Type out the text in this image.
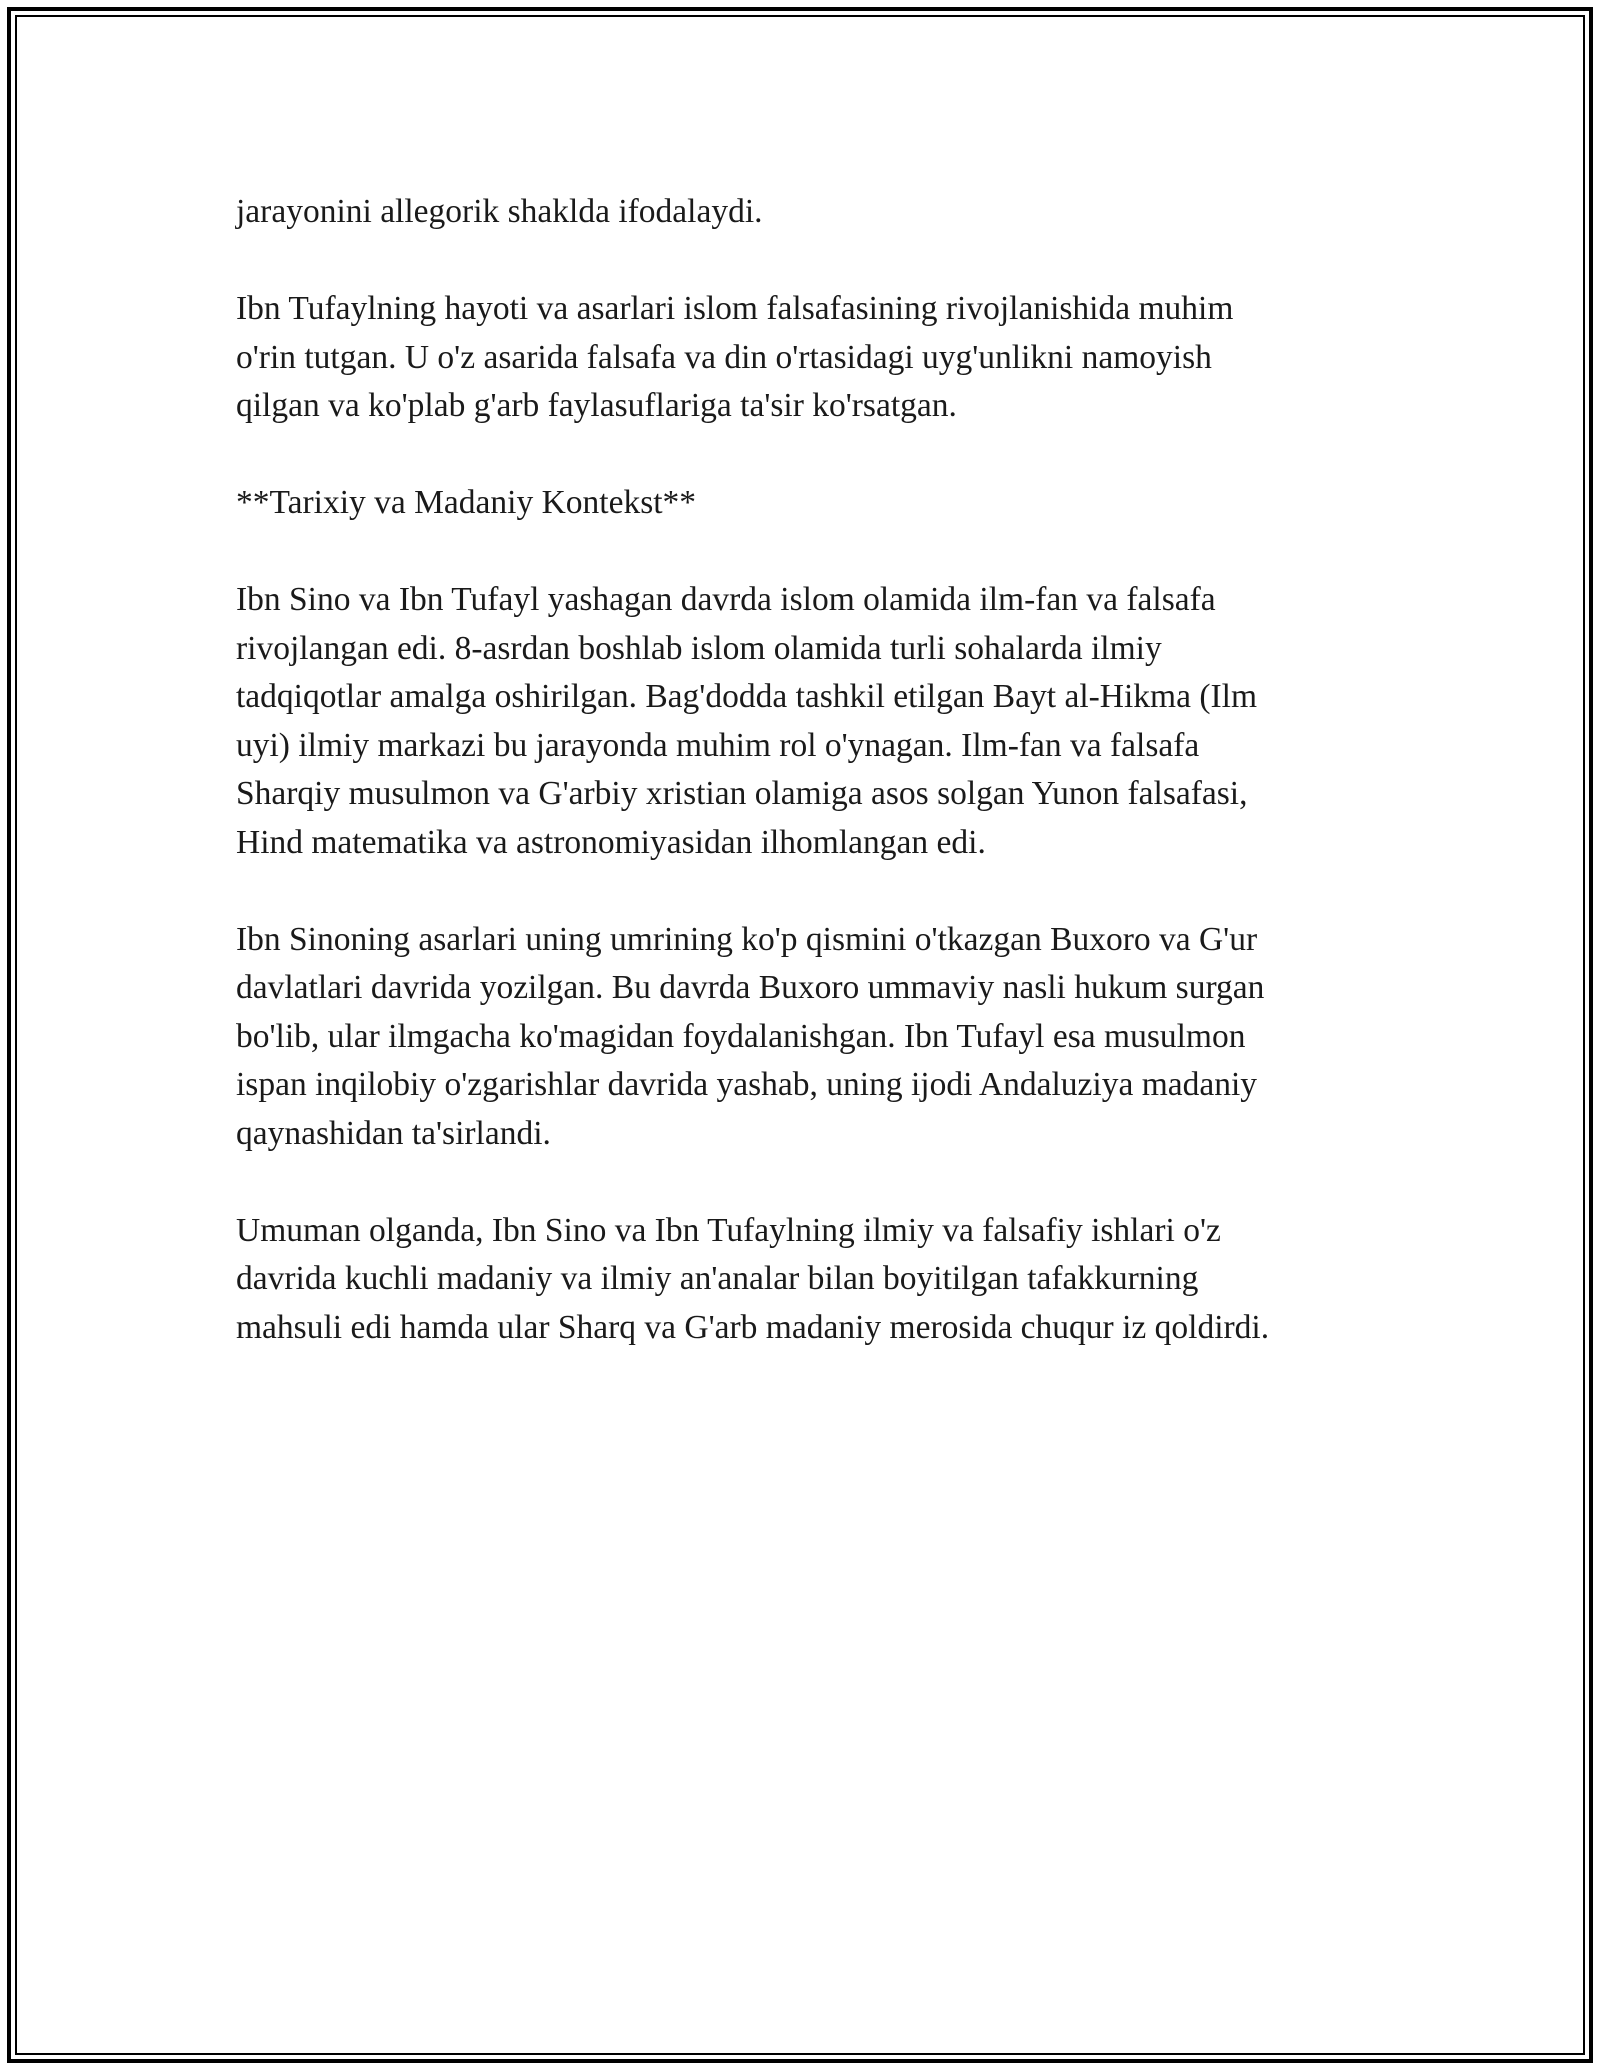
jarayonini allegorik shaklda ifodalaydi.

Ibn Tufaylning hayoti va asarlari islom falsafasining rivojlanishida muhim
o'rin tutgan. U o'z asarida falsafa va din o'rtasidagi uyg'unlikni namoyish
qilgan va ko'plab g'arb faylasuflariga ta'sir ko'rsatgan.

**Tarixiy va Madaniy Kontekst**

Ibn Sino va Ibn Tufayl yashagan davrda islom olamida ilm-fan va falsafa
rivojlangan edi. 8-asrdan boshlab islom olamida turli sohalarda ilmiy
tadqiqotlar amalga oshirilgan. Bag'dodda tashkil etilgan Bayt al-Hikma (Ilm
uyi) ilmiy markazi bu jarayonda muhim rol o'ynagan. Ilm-fan va falsafa
Sharqiy musulmon va G'arbiy xristian olamiga asos solgan Yunon falsafasi,
Hind matematika va astronomiyasidan ilhomlangan edi.

Ibn Sinoning asarlari uning umrining ko'p qismini o'tkazgan Buxoro va G'ur
davlatlari davrida yozilgan. Bu davrda Buxoro ummaviy nasli hukum surgan
bo'lib, ular ilmgacha ko'magidan foydalanishgan. Ibn Tufayl esa musulmon
ispan inqilobiy o'zgarishlar davrida yashab, uning ijodi Andaluziya madaniy
qaynashidan ta'sirlandi.

Umuman olganda, Ibn Sino va Ibn Tufaylning ilmiy va falsafiy ishlari o'z
davrida kuchli madaniy va ilmiy an'analar bilan boyitilgan tafakkurning
mahsuli edi hamda ular Sharq va G'arb madaniy merosida chuqur iz qoldirdi.
